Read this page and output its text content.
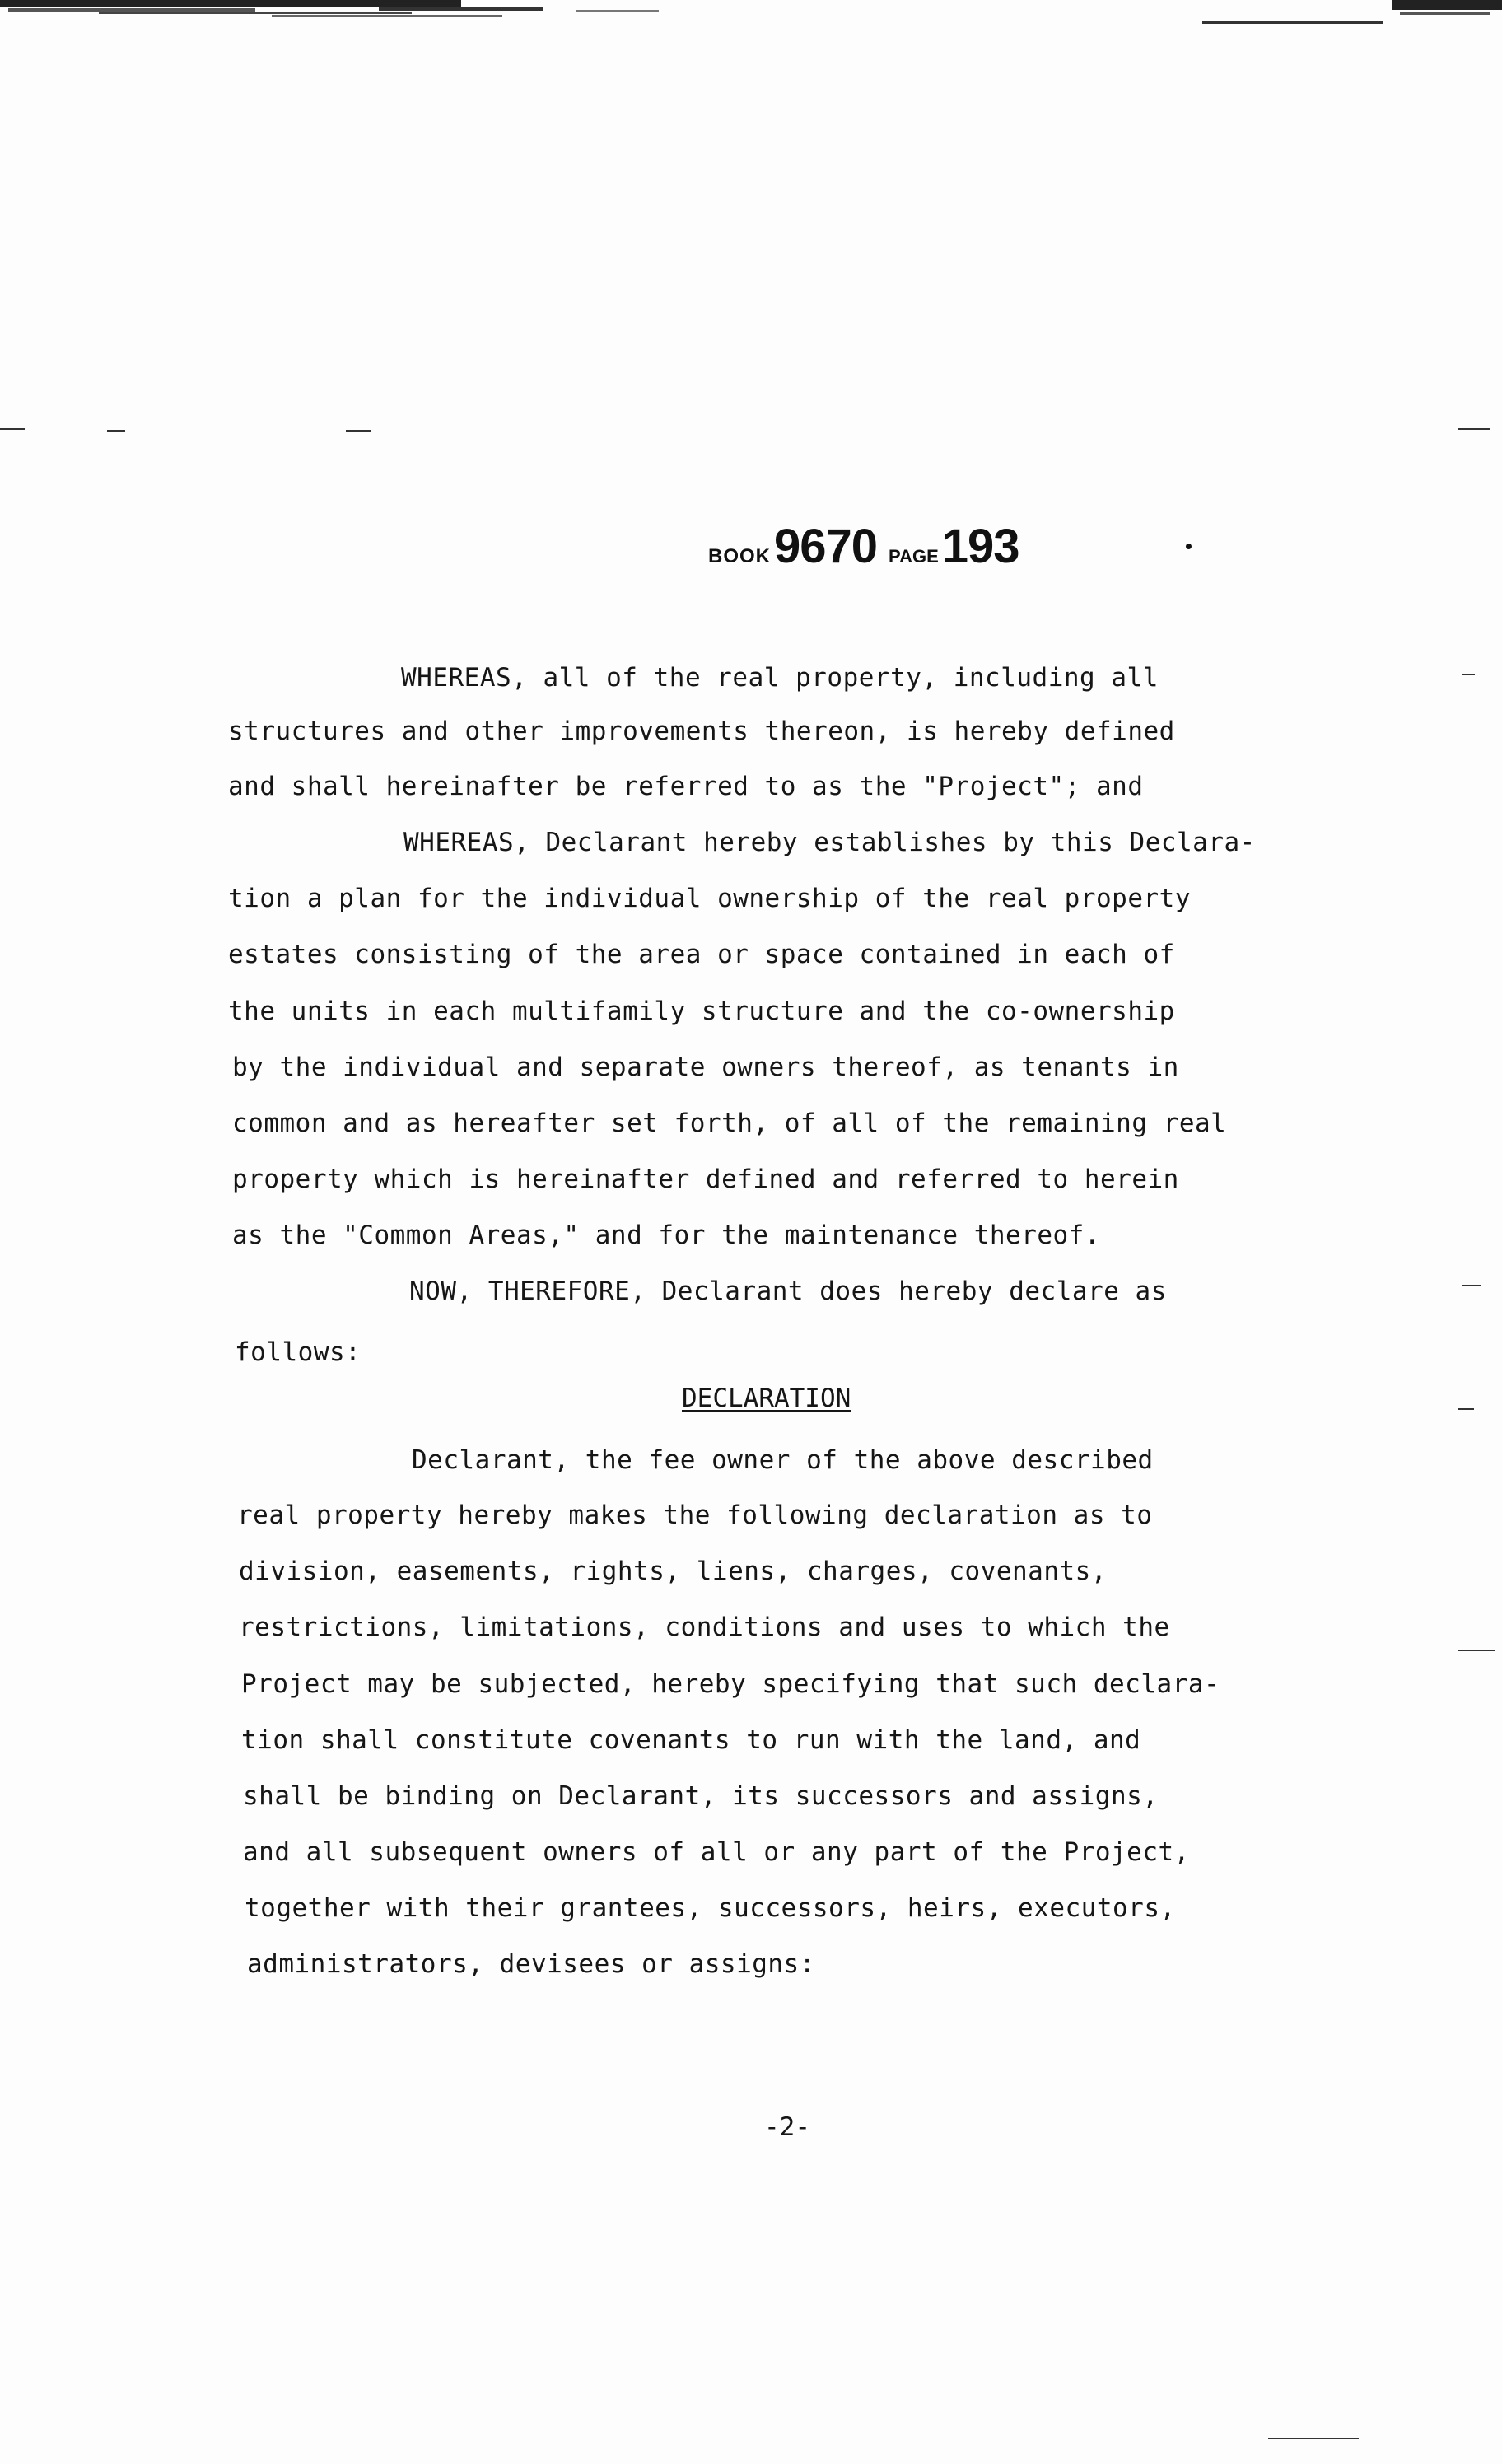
BOOK9670 PAGE193
WHEREAS, all of the real property, including all
structures and other improvements thereon, is hereby defined
and shall hereinafter be referred to as the "Project"; and
WHEREAS, Declarant hereby establishes by this Declara-
tion a plan for the individual ownership of the real property
estates consisting of the area or space contained in each of
the units in each multifamily structure and the co-ownership
by the individual and separate owners thereof, as tenants in
common and as hereafter set forth, of all of the remaining real
property which is hereinafter defined and referred to herein
as the "Common Areas," and for the maintenance thereof.
NOW, THEREFORE, Declarant does hereby declare as
follows:
DECLARATION
Declarant, the fee owner of the above described
real property hereby makes the following declaration as to
division, easements, rights, liens, charges, covenants,
restrictions, limitations, conditions and uses to which the
Project may be subjected, hereby specifying that such declara-
tion shall constitute covenants to run with the land, and
shall be binding on Declarant, its successors and assigns,
and all subsequent owners of all or any part of the Project,
together with their grantees, successors, heirs, executors,
administrators, devisees or assigns:
-2-
